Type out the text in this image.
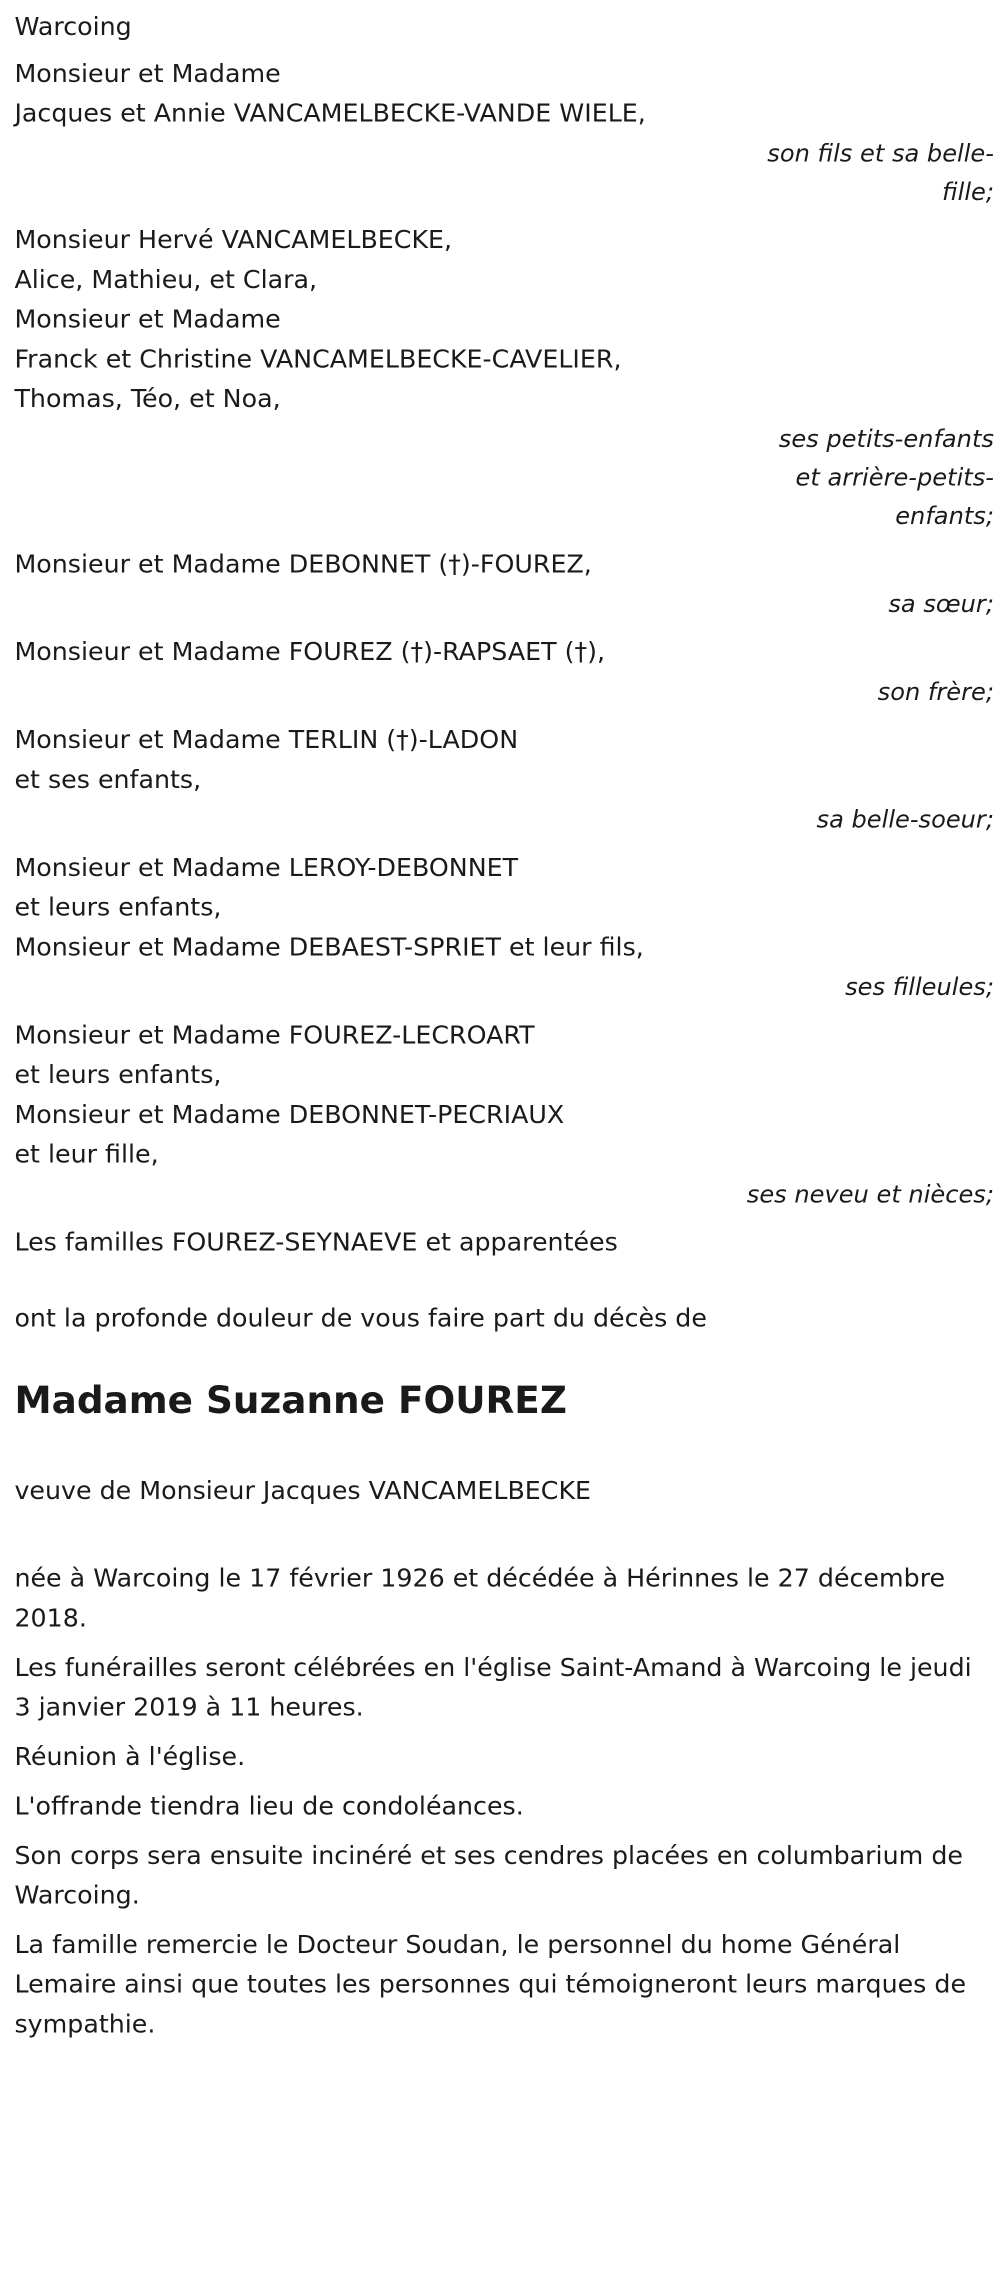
Warcoing
Monsieur et Madame
Jacques et Annie VANCAMELBECKE-VANDE WIELE,
son fils et sa belle-
fille;
Monsieur Hervé VANCAMELBECKE,
Alice, Mathieu, et Clara,
Monsieur et Madame
Franck et Christine VANCAMELBECKE-CAVELIER,
Thomas, Téo, et Noa,
ses petits-enfants
et arrière-petits-
enfants;
Monsieur et Madame DEBONNET (†)-FOUREZ,
sa sœur;
Monsieur et Madame FOUREZ (†)-RAPSAET (†),
son frère;
Monsieur et Madame TERLIN (†)-LADON
et ses enfants,
sa belle-soeur;
Monsieur et Madame LEROY-DEBONNET
et leurs enfants,
Monsieur et Madame DEBAEST-SPRIET et leur fils,
ses filleules;
Monsieur et Madame FOUREZ-LECROART
et leurs enfants,
Monsieur et Madame DEBONNET-PECRIAUX
et leur fille,
ses neveu et nièces;
Les familles FOUREZ-SEYNAEVE et apparentées
ont la profonde douleur de vous faire part du décès de
Madame Suzanne FOUREZ
veuve de Monsieur Jacques VANCAMELBECKE
née à Warcoing le 17 février 1926 et décédée à Hérinnes le 27 décembre 2018.
Les funérailles seront célébrées en l'église Saint-Amand à Warcoing le jeudi 3 janvier 2019 à 11 heures.
Réunion à l'église.
L'offrande tiendra lieu de condoléances.
Son corps sera ensuite incinéré et ses cendres placées en columbarium de Warcoing.
La famille remercie le Docteur Soudan, le personnel du home Général Lemaire ainsi que toutes les personnes qui témoigneront leurs marques de sympathie.
